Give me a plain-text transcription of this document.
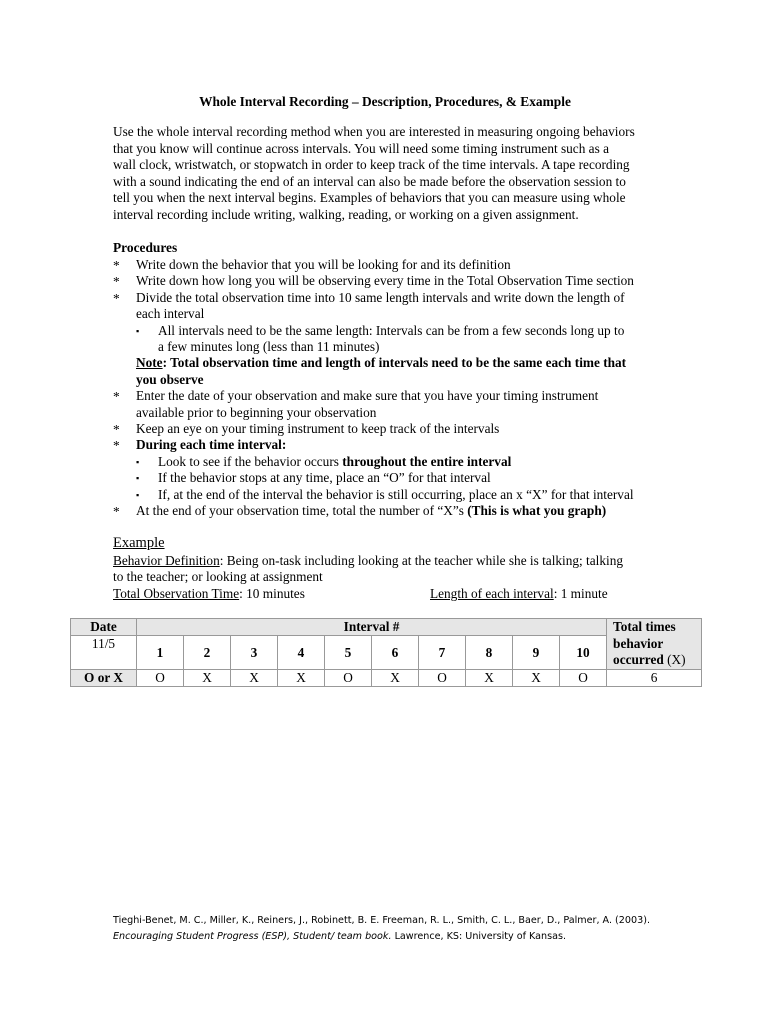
Whole Interval Recording – Description, Procedures, & Example
Use the whole interval recording method when you are interested in measuring ongoing behaviors
that you know will continue across intervals. You will need some timing instrument such as a
wall clock, wristwatch, or stopwatch in order to keep track of the time intervals. A tape recording
with a sound indicating the end of an interval can also be made before the observation session to
tell you when the next interval begins. Examples of behaviors that you can measure using whole
interval recording include writing, walking, reading, or working on a given assignment.
Procedures
* Write down the behavior that you will be looking for and its definition
* Write down how long you will be observing every time in the Total Observation Time section
* Divide the total observation time into 10 same length intervals and write down the length of
each interval
▪ All intervals need to be the same length: Intervals can be from a few seconds long up to
a few minutes long (less than 11 minutes)
Note: Total observation time and length of intervals need to be the same each time that
you observe
* Enter the date of your observation and make sure that you have your timing instrument
available prior to beginning your observation
* Keep an eye on your timing instrument to keep track of the intervals
* During each time interval:
▪ Look to see if the behavior occurs throughout the entire interval
▪ If the behavior stops at any time, place an “O” for that interval
▪ If, at the end of the interval the behavior is still occurring, place an x “X” for that interval
* At the end of your observation time, total the number of “X”s (This is what you graph)
Example
Behavior Definition: Being on-task including looking at the teacher while she is talking; talking
to the teacher; or looking at assignment
Total Observation Time: 10 minutes	Length of each interval: 1 minute
Date	Interval #										Total times
behavior
occurred (X)

11/5	1	2	3	4	5	6	7	8	9	10	
O or X	O	X	X	X	O	X	O	X	X	O	6
Tieghi-Benet, M. C., Miller, K., Reiners, J., Robinett, B. E. Freeman, R. L., Smith, C. L., Baer, D., Palmer, A. (2003).
Encouraging Student Progress (ESP), Student/ team book. Lawrence, KS: University of Kansas.
